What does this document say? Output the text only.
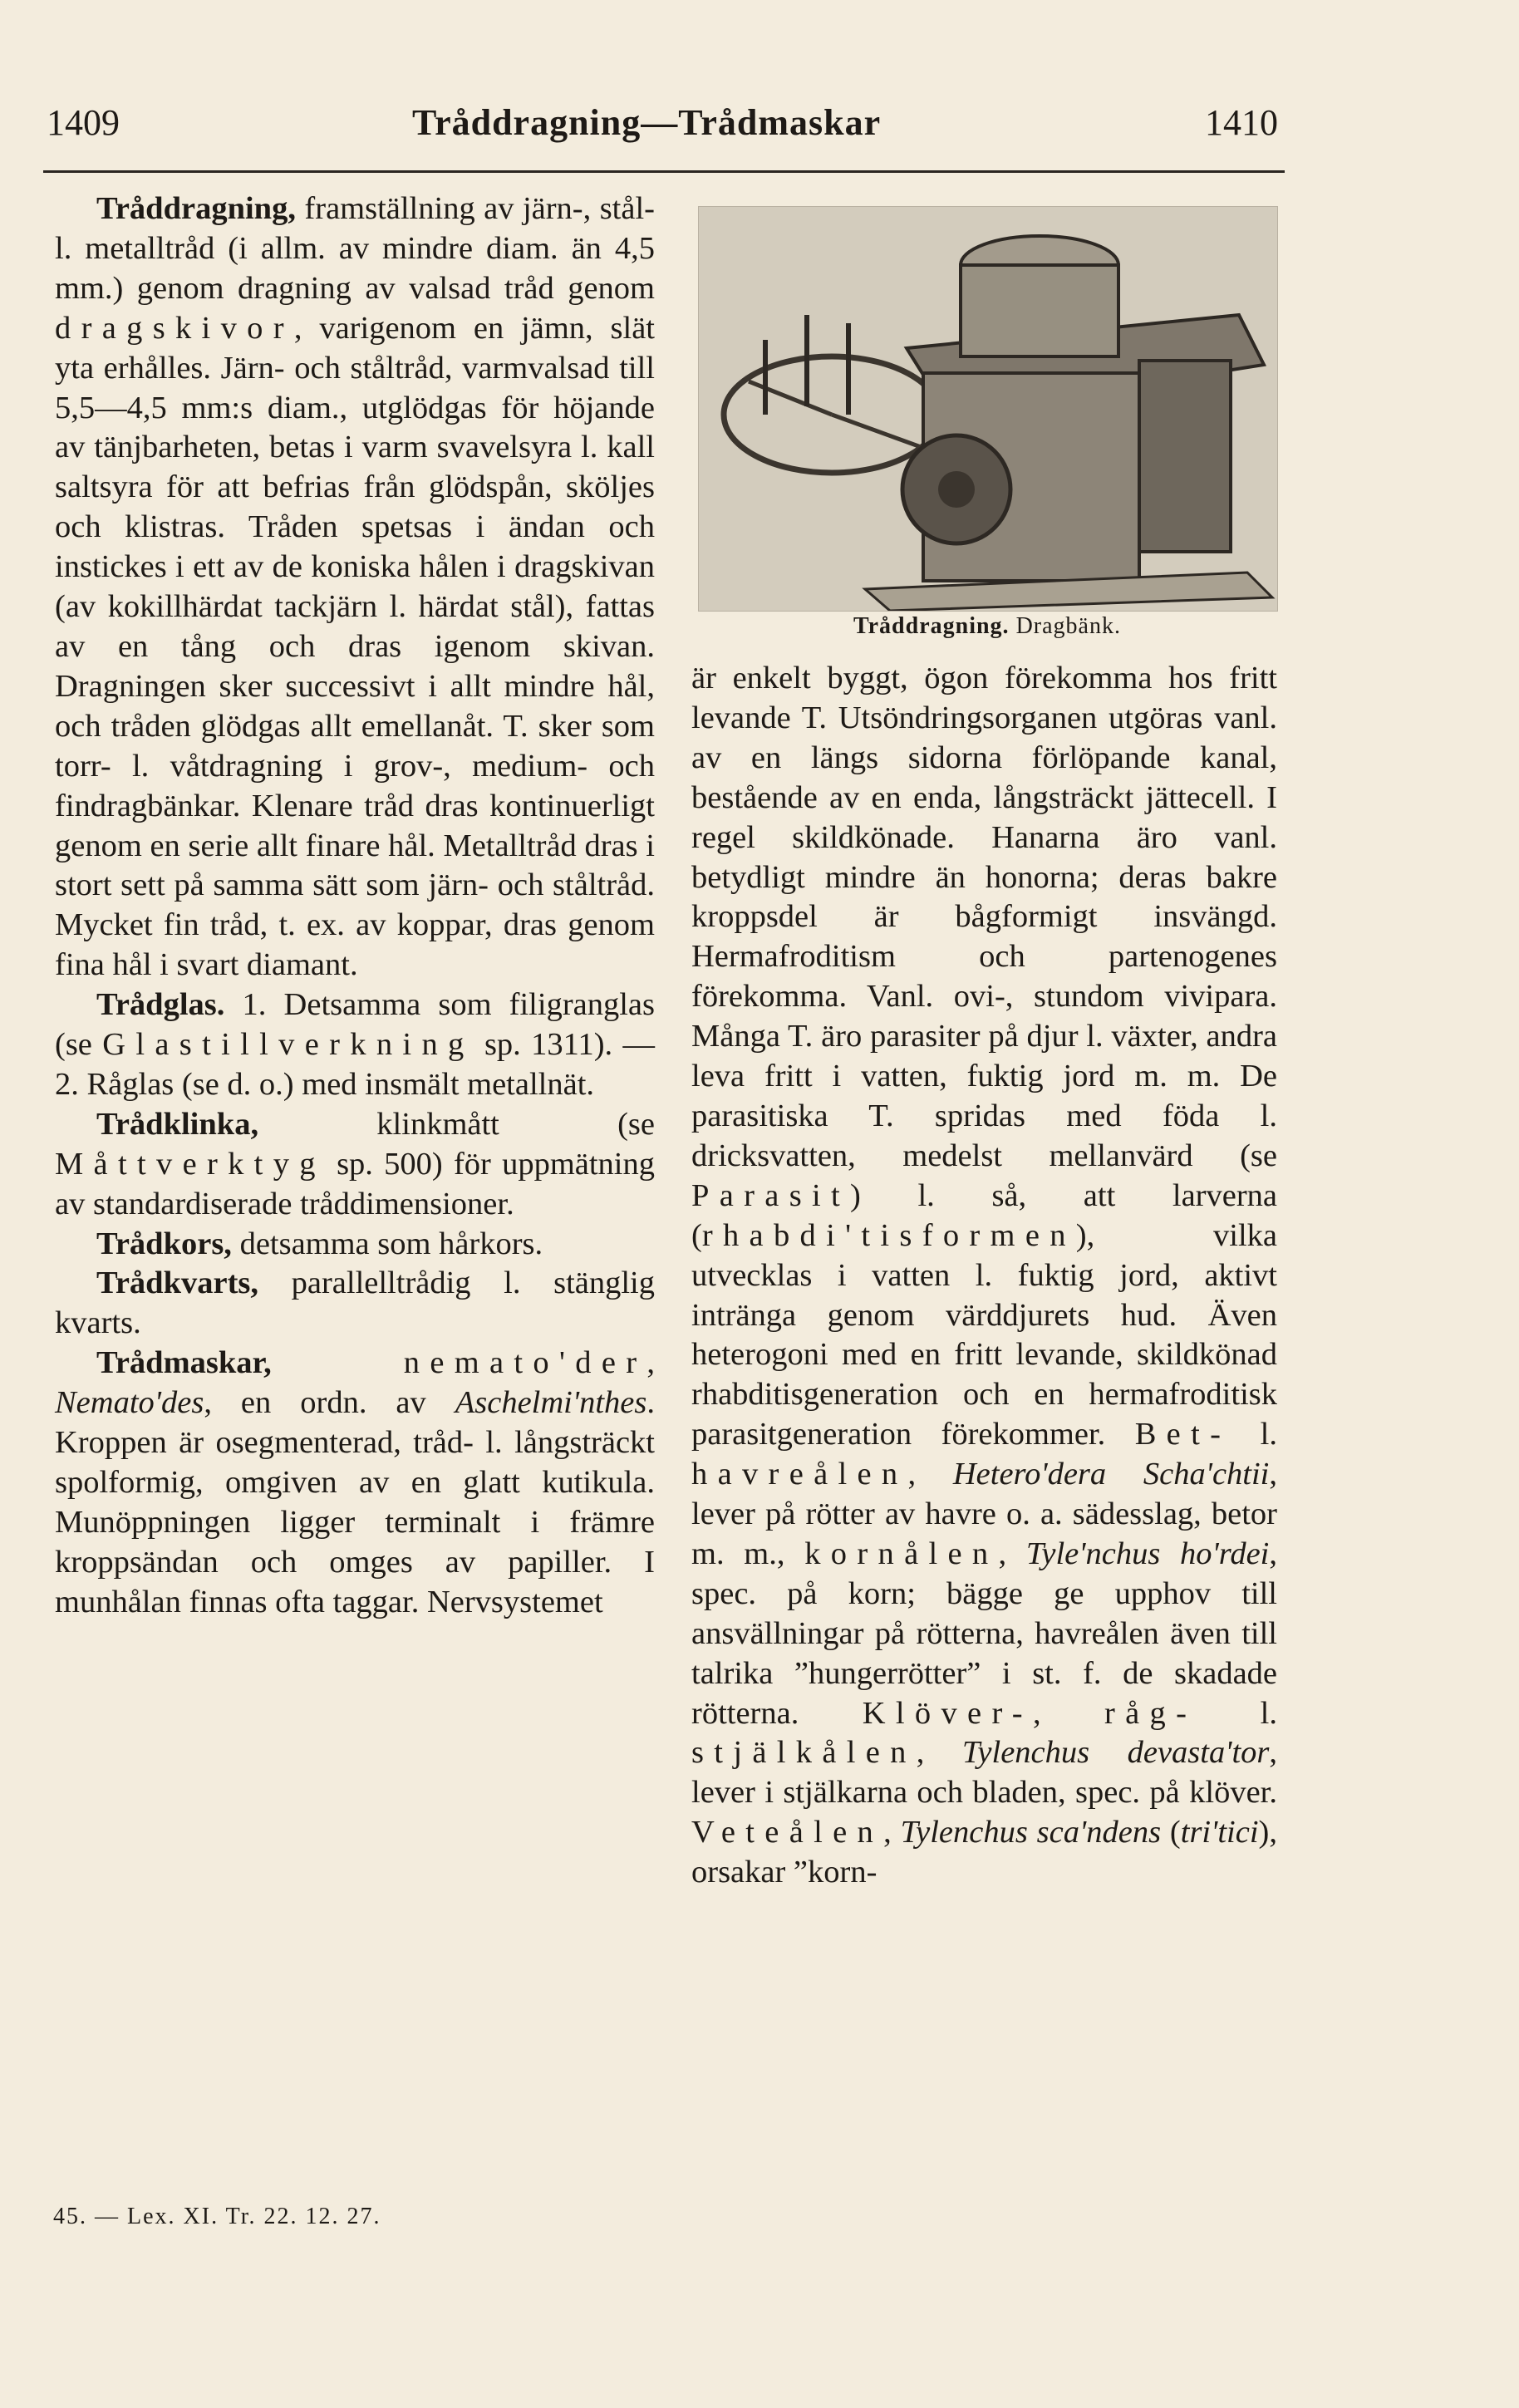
1409	Tråddragning—Trådmaskar	1410

Tråddragning, framställning av järn-, stål- l. metalltråd (i allm. av mindre diam. än 4,5 mm.) genom dragning av valsad tråd genom dragskivor, varigenom en jämn, slät yta erhålles. Järn- och ståltråd, varmvalsad till 5,5—4,5 mm:s diam., utglödgas för höjande av tänjbarheten, betas i varm svavelsyra l. kall saltsyra för att befrias från glödspån, sköljes och klistras. Tråden spetsas i ändan och instickes i ett av de koniska hålen i dragskivan (av kokillhärdat tackjärn l. härdat stål), fattas av en tång och dras igenom skivan. Dragningen sker successivt i allt mindre hål, och tråden glödgas allt emellanåt. T. sker som torr- l. våtdragning i grov-, medium- och findragbänkar. Klenare tråd dras kontinuerligt genom en serie allt finare hål. Metalltråd dras i stort sett på samma sätt som järn- och ståltråd. Mycket fin tråd, t. ex. av koppar, dras genom fina hål i svart diamant.

Trådglas. 1. Detsamma som filigranglas (se Glastillverkning sp. 1311). — 2. Råglas (se d. o.) med insmält metallnät.

Trådklinka, klinkmått (se Måttverktyg sp. 500) för uppmätning av standardiserade tråddimensioner.

Trådkors, detsamma som hårkors.

Trådkvarts, parallelltrådig l. stänglig kvarts.

Trådmaskar, nemato'der, Nemato'des, en ordn. av Aschelmi'nthes. Kroppen är osegmenterad, tråd- l. långsträckt spolformig, omgiven av en glatt kutikula. Munöppningen ligger terminalt i främre kroppsändan och omges av papiller. I munhålan finnas ofta taggar. Nervsystemet

Tråddragning. Dragbänk.

är enkelt byggt, ögon förekomma hos fritt levande T. Utsöndringsorganen utgöras vanl. av en längs sidorna förlöpande kanal, bestående av en enda, långsträckt jättecell. I regel skildkönade. Hanarna äro vanl. betydligt mindre än honorna; deras bakre kroppsdel är bågformigt insvängd. Hermafroditism och partenogenes förekomma. Vanl. ovi-, stundom vivipara. Många T. äro parasiter på djur l. växter, andra leva fritt i vatten, fuktig jord m. m. De parasitiska T. spridas med föda l. dricksvatten, medelst mellanvärd (se Parasit) l. så, att larverna (rhabdi'tisformen), vilka utvecklas i vatten l. fuktig jord, aktivt intränga genom värddjurets hud. Även heterogoni med en fritt levande, skildkönad rhabditisgeneration och en hermafroditisk parasitgeneration förekommer. Bet- l. havreålen, Hetero'dera Scha'chtii, lever på rötter av havre o. a. sädesslag, betor m. m., kornålen, Tyle'nchus ho'rdei, spec. på korn; bägge ge upphov till ansvällningar på rötterna, havreålen även till talrika ”hungerrötter” i st. f. de skadade rötterna. Klöver-, råg- l. stjälkålen, Tylenchus devasta'tor, lever i stjälkarna och bladen, spec. på klöver. Veteålen, Tylenchus sca'ndens (tri'tici), orsakar ”korn-

45. — Lex. XI. Tr. 22. 12. 27.
